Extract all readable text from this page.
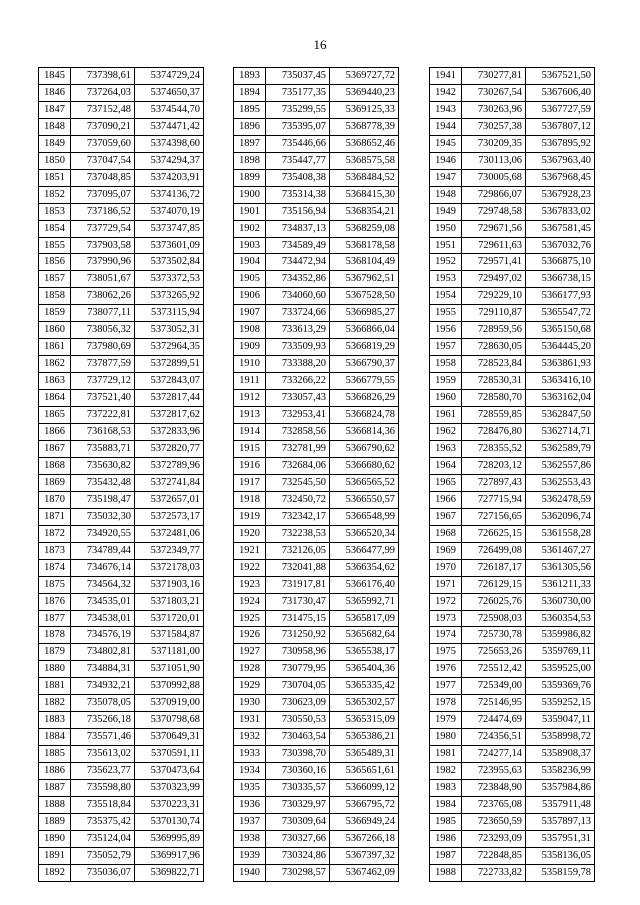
16
1845	737398,61	5374729,24
1846	737264,03	5374650,37
1847	737152,48	5374544,70
1848	737090,21	5374471,42
1849	737059,60	5374398,60
1850	737047,54	5374294,37
1851	737048,85	5374203,91
1852	737095,07	5374136,72
1853	737186,52	5374070,19
1854	737729,54	5373747,85
1855	737903,58	5373601,09
1856	737990,96	5373502,84
1857	738051,67	5373372,53
1858	738062,26	5373265,92
1859	738077,11	5373115,94
1860	738056,32	5373052,31
1861	737980,69	5372964,35
1862	737877,59	5372899,51
1863	737729,12	5372843,07
1864	737521,40	5372817,44
1865	737222,81	5372817,62
1866	736168,53	5372833,96
1867	735883,71	5372820,77
1868	735630,82	5372789,96
1869	735432,48	5372741,84
1870	735198,47	5372657,01
1871	735032,30	5372573,17
1872	734920,55	5372481,06
1873	734789,44	5372349,77
1874	734676,14	5372178,03
1875	734564,32	5371903,16
1876	734535,01	5371803,21
1877	734538,01	5371720,01
1878	734576,19	5371584,87
1879	734802,81	5371181,00
1880	734884,31	5371051,90
1881	734932,21	5370992,88
1882	735078,05	5370919,00
1883	735266,18	5370798,68
1884	735571,46	5370649,31
1885	735613,02	5370591,11
1886	735623,77	5370473,64
1887	735598,80	5370323,99
1888	735518,84	5370223,31
1889	735375,42	5370130,74
1890	735124,04	5369995,89
1891	735052,79	5369917,96
1892	735036,07	5369822,71
1893	735037,45	5369727,72
1894	735177,35	5369440,23
1895	735299,55	5369125,33
1896	735395,07	5368778,39
1897	735446,66	5368652,46
1898	735447,77	5368575,58
1899	735408,38	5368484,52
1900	735314,38	5368415,30
1901	735156,94	5368354,21
1902	734837,13	5368259,08
1903	734589,49	5368178,58
1904	734472,94	5368104,49
1905	734352,86	5367962,51
1906	734060,60	5367528,50
1907	733724,66	5366985,27
1908	733613,29	5366866,04
1909	733509,93	5366819,29
1910	733388,20	5366790,37
1911	733266,22	5366779,55
1912	733057,43	5366826,29
1913	732953,41	5366824,78
1914	732858,56	5366814,36
1915	732781,99	5366790,62
1916	732684,06	5366680,62
1917	732545,50	5366565,52
1918	732450,72	5366550,57
1919	732342,17	5366548,99
1920	732238,53	5366520,34
1921	732126,05	5366477,99
1922	732041,88	5366354,62
1923	731917,81	5366176,40
1924	731730,47	5365992,71
1925	731475,15	5365817,09
1926	731250,92	5365682,64
1927	730958,96	5365538,17
1928	730779,95	5365404,36
1929	730704,05	5365335,42
1930	730623,09	5365302,57
1931	730550,53	5365315,09
1932	730463,54	5365386,21
1933	730398,70	5365489,31
1934	730360,16	5365651,61
1935	730335,57	5366099,12
1936	730329,97	5366795,72
1937	730309,64	5366949,24
1938	730327,66	5367266,18
1939	730324,86	5367397,32
1940	730298,57	5367462,09
1941	730277,81	5367521,50
1942	730267,54	5367606,40
1943	730263,96	5367727,59
1944	730257,38	5367807,12
1945	730209,35	5367895,92
1946	730113,06	5367963,40
1947	730005,68	5367968,45
1948	729866,07	5367928,23
1949	729748,58	5367833,02
1950	729671,56	5367581,45
1951	729611,63	5367032,76
1952	729571,41	5366875,10
1953	729497,02	5366738,15
1954	729229,10	5366177,93
1955	729110,87	5365547,72
1956	728959,56	5365150,68
1957	728630,05	5364445,20
1958	728523,84	5363861,93
1959	728530,31	5363416,10
1960	728580,70	5363162,04
1961	728559,85	5362847,50
1962	728476,80	5362714,71
1963	728355,52	5362589,79
1964	728203,12	5362557,86
1965	727897,43	5362553,43
1966	727715,94	5362478,59
1967	727156,65	5362096,74
1968	726625,15	5361558,28
1969	726499,08	5361467,27
1970	726187,17	5361305,56
1971	726129,15	5361211,33
1972	726025,76	5360730,00
1973	725908,03	5360354,53
1974	725730,78	5359986,82
1975	725653,26	5359769,11
1976	725512,42	5359525,00
1977	725349,00	5359369,76
1978	725146,95	5359252,15
1979	724474,69	5359047,11
1980	724356,51	5358998,72
1981	724277,14	5358908,37
1982	723955,63	5358236,99
1983	723848,90	5357984,86
1984	723765,08	5357911,48
1985	723650,59	5357897,13
1986	723293,09	5357951,31
1987	722848,85	5358136,05
1988	722733,82	5358159,78
